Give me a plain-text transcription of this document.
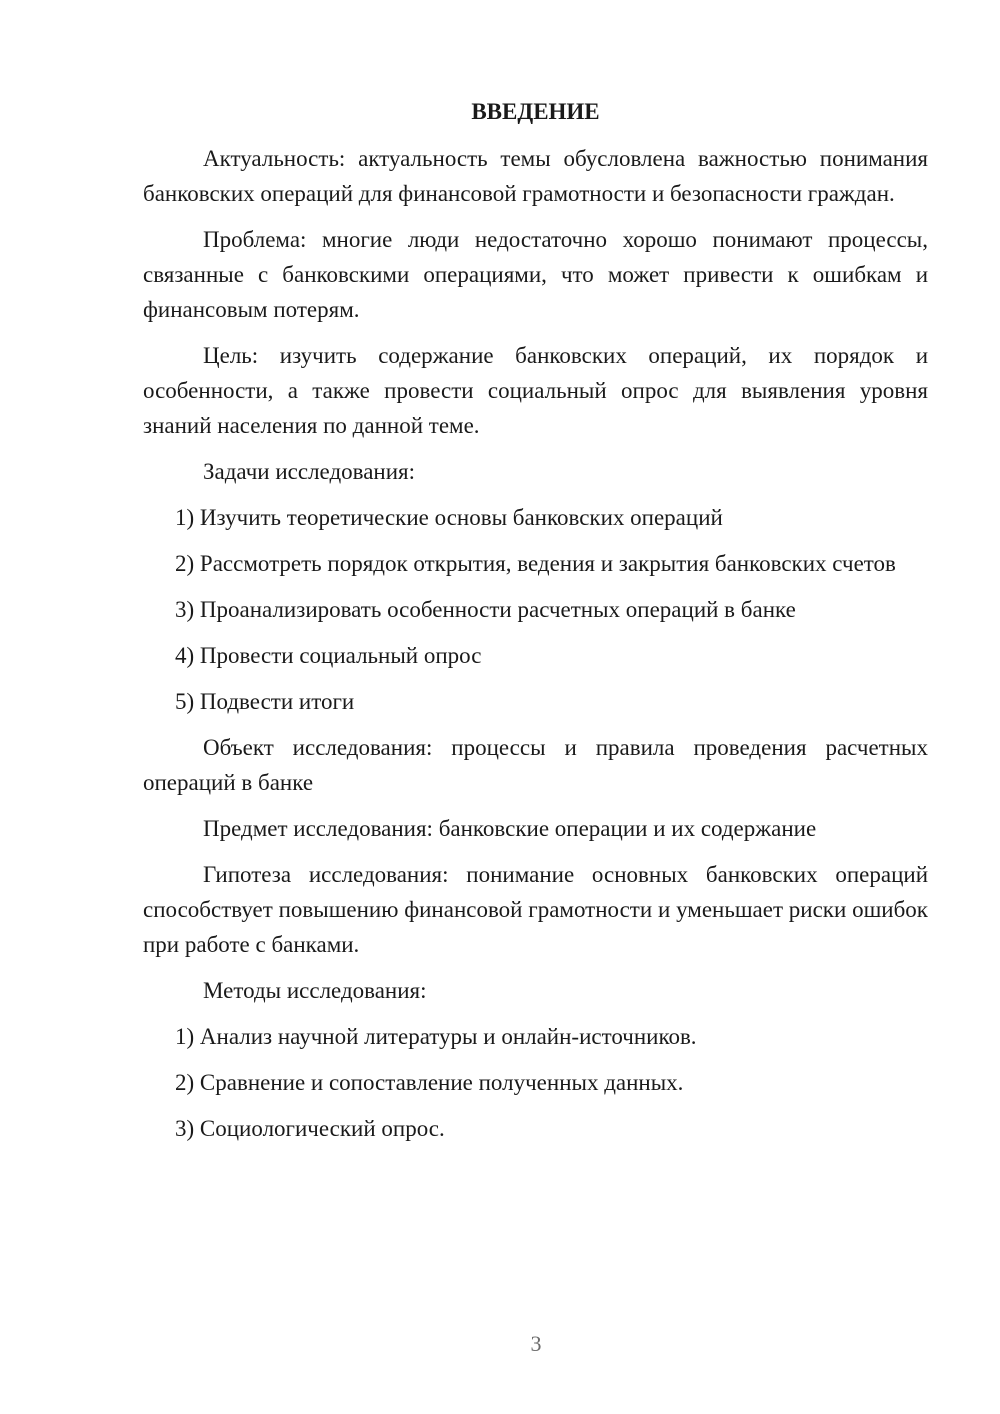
ВВЕДЕНИЕ

Актуальность: актуальность темы обусловлена важностью понимания банковских операций для финансовой грамотности и безопасности граждан.

Проблема: многие люди недостаточно хорошо понимают процессы, связанные с банковскими операциями, что может привести к ошибкам и финансовым потерям.

Цель: изучить содержание банковских операций, их порядок и особенности, а также провести социальный опрос для выявления уровня знаний населения по данной теме.

Задачи исследования:

1) Изучить теоретические основы банковских операций

2) Рассмотреть порядок открытия, ведения и закрытия банковских счетов

3) Проанализировать особенности расчетных операций в банке

4) Провести социальный опрос

5) Подвести итоги

Объект исследования: процессы и правила проведения расчетных операций в банке

Предмет исследования: банковские операции и их содержание

Гипотеза исследования: понимание основных банковских операций способствует повышению финансовой грамотности и уменьшает риски ошибок при работе с банками.

Методы исследования:

1) Анализ научной литературы и онлайн-источников.

2) Сравнение и сопоставление полученных данных.

3) Социологический опрос.

3
